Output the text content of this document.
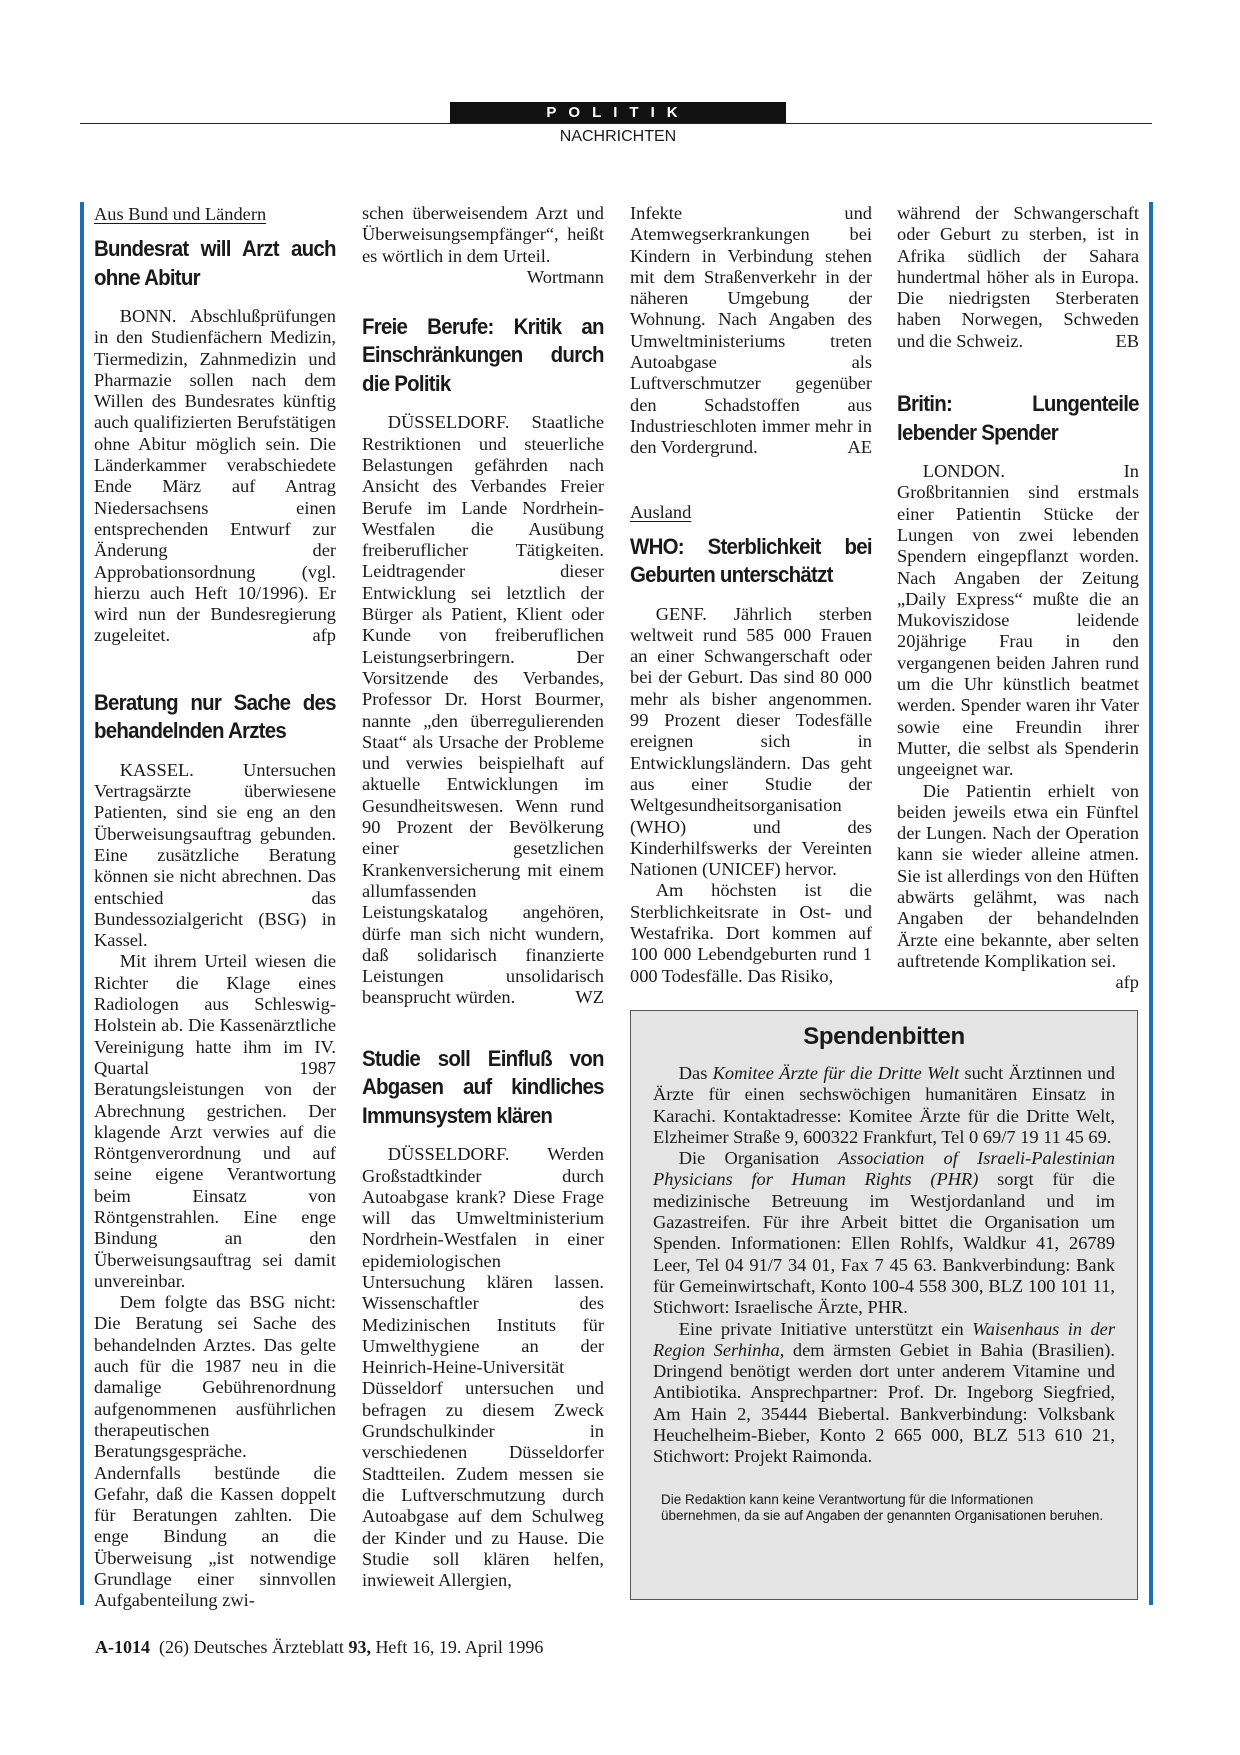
POLITIK
NACHRICHTEN
Aus Bund und Ländern
Bundesrat will Arzt auch ohne Abitur

BONN. Abschlußprüfungen in den Studienfächern Medizin, Tiermedizin, Zahnmedizin und Pharmazie sollen nach dem Willen des Bundesrates künftig auch qualifizierten Berufstätigen ohne Abitur möglich sein. Die Länderkammer verabschiedete Ende März auf Antrag Niedersachsens einen entsprechenden Entwurf zur Änderung der Approbationsordnung (vgl. hierzu auch Heft 10/1996). Er wird nun der Bundesregierung zugeleitet.	afp

Beratung nur Sache des behandelnden Arztes

KASSEL. Untersuchen Vertragsärzte überwiesene Patienten, sind sie eng an den Überweisungsauftrag gebunden. Eine zusätzliche Beratung können sie nicht abrechnen. Das entschied das Bundessozialgericht (BSG) in Kassel.

Mit ihrem Urteil wiesen die Richter die Klage eines Radiologen aus Schleswig-Holstein ab. Die Kassenärztliche Vereinigung hatte ihm im IV. Quartal 1987 Beratungsleistungen von der Abrechnung gestrichen. Der klagende Arzt verwies auf die Röntgenverordnung und auf seine eigene Verantwortung beim Einsatz von Röntgenstrahlen. Eine enge Bindung an den Überweisungsauftrag sei damit unvereinbar.

Dem folgte das BSG nicht: Die Beratung sei Sache des behandelnden Arztes. Das gelte auch für die 1987 neu in die damalige Gebührenordnung aufgenommenen ausführlichen therapeutischen Beratungsgespräche. Andernfalls bestünde die Gefahr, daß die Kassen doppelt für Beratungen zahlten. Die enge Bindung an die Überweisung „ist notwendige Grundlage einer sinnvollen Aufgabenteilung zwi-

schen überweisendem Arzt und Überweisungsempfänger“, heißt es wörtlich in dem Urteil.
Wortmann

Freie Berufe: Kritik an Einschränkungen durch die Politik

DÜSSELDORF. Staatliche Restriktionen und steuerliche Belastungen gefährden nach Ansicht des Verbandes Freier Berufe im Lande Nordrhein-Westfalen die Ausübung freiberuflicher Tätigkeiten. Leidtragender dieser Entwicklung sei letztlich der Bürger als Patient, Klient oder Kunde von freiberuflichen Leistungserbringern. Der Vorsitzende des Verbandes, Professor Dr. Horst Bourmer, nannte „den überregulierenden Staat“ als Ursache der Probleme und verwies beispielhaft auf aktuelle Entwicklungen im Gesundheitswesen. Wenn rund 90 Prozent der Bevölkerung einer gesetzlichen Krankenversicherung mit einem allumfassenden Leistungskatalog angehören, dürfe man sich nicht wundern, daß solidarisch finanzierte Leistungen unsolidarisch beansprucht würden.	WZ

Studie soll Einfluß von Abgasen auf kindliches Immunsystem klären

DÜSSELDORF. Werden Großstadtkinder durch Autoabgase krank? Diese Frage will das Umweltministerium Nordrhein-Westfalen in einer epidemiologischen Untersuchung klären lassen. Wissenschaftler des Medizinischen Instituts für Umwelthygiene an der Heinrich-Heine-Universität Düsseldorf untersuchen und befragen zu diesem Zweck Grundschulkinder in verschiedenen Düsseldorfer Stadtteilen. Zudem messen sie die Luftverschmutzung durch Autoabgase auf dem Schulweg der Kinder und zu Hause. Die Studie soll klären helfen, inwieweit Allergien,

Infekte und Atemwegserkrankungen bei Kindern in Verbindung stehen mit dem Straßenverkehr in der näheren Umgebung der Wohnung. Nach Angaben des Umweltministeriums treten Autoabgase als Luftverschmutzer gegenüber den Schadstoffen aus Industrieschloten immer mehr in den Vordergrund.	AE

Ausland
WHO: Sterblichkeit bei Geburten unterschätzt

GENF. Jährlich sterben weltweit rund 585 000 Frauen an einer Schwangerschaft oder bei der Geburt. Das sind 80 000 mehr als bisher angenommen. 99 Prozent dieser Todesfälle ereignen sich in Entwicklungsländern. Das geht aus einer Studie der Weltgesundheitsorganisation (WHO) und des Kinderhilfswerks der Vereinten Nationen (UNICEF) hervor.

Am höchsten ist die Sterblichkeitsrate in Ost- und Westafrika. Dort kommen auf 100 000 Lebendgeburten rund 1 000 Todesfälle. Das Risiko,

während der Schwangerschaft oder Geburt zu sterben, ist in Afrika südlich der Sahara hundertmal höher als in Europa. Die niedrigsten Sterberaten haben Norwegen, Schweden und die Schweiz.	EB

Britin: Lungenteile lebender Spender

LONDON. In Großbritannien sind erstmals einer Patientin Stücke der Lungen von zwei lebenden Spendern eingepflanzt worden. Nach Angaben der Zeitung „Daily Express“ mußte die an Mukoviszidose leidende 20jährige Frau in den vergangenen beiden Jahren rund um die Uhr künstlich beatmet werden. Spender waren ihr Vater sowie eine Freundin ihrer Mutter, die selbst als Spenderin ungeeignet war.

Die Patientin erhielt von beiden jeweils etwa ein Fünftel der Lungen. Nach der Operation kann sie wieder alleine atmen. Sie ist allerdings von den Hüften abwärts gelähmt, was nach Angaben der behandelnden Ärzte eine bekannte, aber selten auftretende Komplikation sei.
afp

Spendenbitten

Das Komitee Ärzte für die Dritte Welt sucht Ärztinnen und Ärzte für einen sechswöchigen humanitären Einsatz in Karachi. Kontaktadresse: Komitee Ärzte für die Dritte Welt, Elzheimer Straße 9, 600322 Frankfurt, Tel 0 69/7 19 11 45 69.

Die Organisation Association of Israeli-Palestinian Physicians for Human Rights (PHR) sorgt für die medizinische Betreuung im Westjordanland und im Gazastreifen. Für ihre Arbeit bittet die Organisation um Spenden. Informationen: Ellen Rohlfs, Waldkur 41, 26789 Leer, Tel 04 91/7 34 01, Fax 7 45 63. Bankverbindung: Bank für Gemeinwirtschaft, Konto 100-4 558 300, BLZ 100 101 11, Stichwort: Israelische Ärzte, PHR.

Eine private Initiative unterstützt ein Waisenhaus in der Region Serhinha, dem ärmsten Gebiet in Bahia (Brasilien). Dringend benötigt werden dort unter anderem Vitamine und Antibiotika. Ansprechpartner: Prof. Dr. Ingeborg Siegfried, Am Hain 2, 35444 Biebertal. Bankverbindung: Volksbank Heuchelheim-Bieber, Konto 2 665 000, BLZ 513 610 21, Stichwort: Projekt Raimonda.

Die Redaktion kann keine Verantwortung für die Informationen übernehmen, da sie auf Angaben der genannten Organisationen beruhen.
A-1014 (26) Deutsches Ärzteblatt 93, Heft 16, 19. April 1996
